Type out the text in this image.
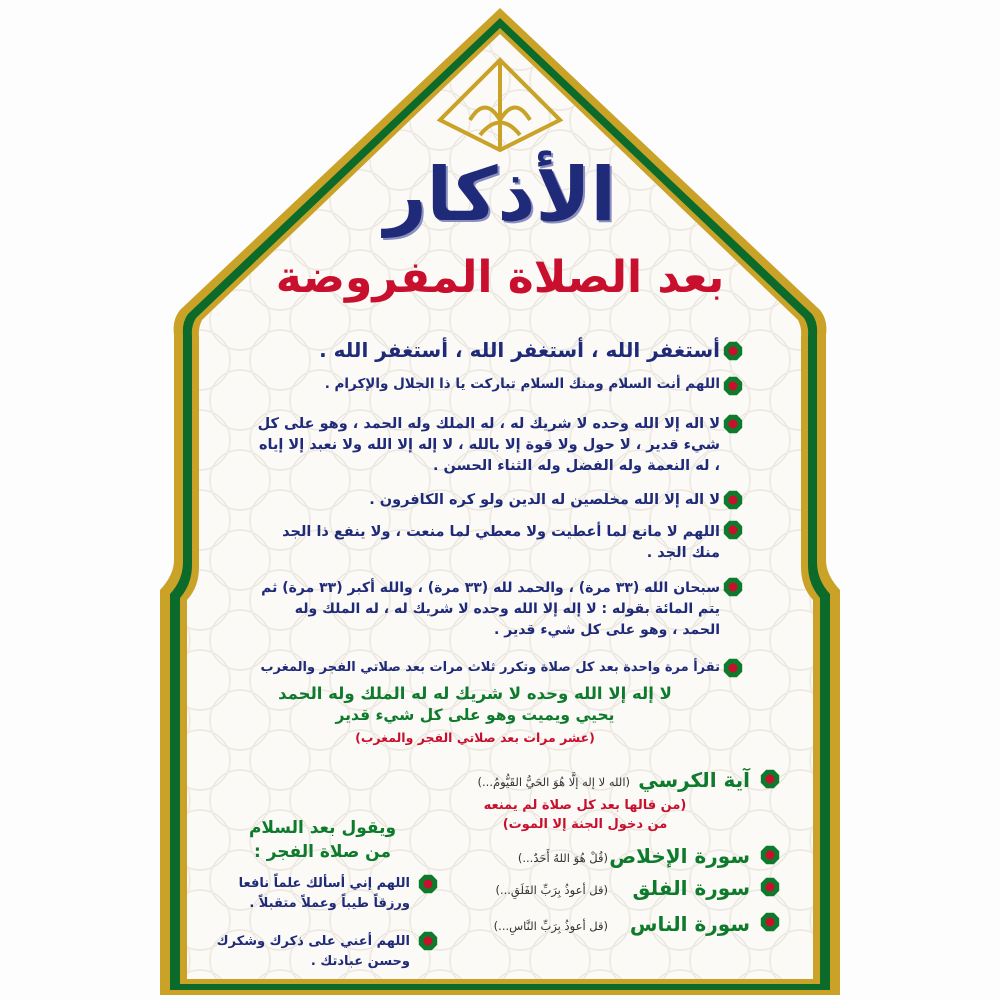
الأذكار
بعد الصلاة المفروضة
أستغفر الله ، أستغفر الله ، أستغفر الله .
اللهم أنت السلام ومنك السلام تباركت يا ذا الجلال والإكرام .
لا اله إلا الله وحده لا شريك له ، له الملك وله الحمد ، وهو على كل شيء قدير ، لا حول ولا قوة إلا بالله ، لا إله إلا الله ولا نعبد إلا إياه ، له النعمة وله الفضل وله الثناء الحسن .
لا اله إلا الله مخلصين له الدين ولو كره الكافرون .
اللهم لا مانع لما أعطيت ولا معطي لما منعت ، ولا ينفع ذا الجد منك الجد .
سبحان الله (٣٣ مرة) ، والحمد لله (٣٣ مرة) ، والله أكبر (٣٣ مرة) ثم يتم المائة بقوله : لا إله إلا الله وحده لا شريك له ، له الملك وله الحمد ، وهو على كل شيء قدير .
تقرأ مرة واحدة بعد كل صلاة وتكرر ثلاث مرات بعد صلاتي الفجر والمغرب
لا إله إلا الله وحده لا شريك له له الملك وله الحمد
يحيي ويميت وهو على كل شيء قدير
(عشر مرات بعد صلاتي الفجر والمغرب)
آية الكرسي
(الله لا إله إلَّا هُوَ الحَيُّ القَيُّومُ...)
(من قالها بعد كل صلاة لم يمنعه
من دخول الجنة إلا الموت)
سورة الإخلاص
(قُلْ هُوَ اللهُ أَحَدٌ...)
سورة الفلق
(قل أعوذُ بِرَبِّ الفَلَقِ...)
سورة الناس
(قل أعوذُ بِرَبِّ النَّاسِ...)
ويقول بعد السلام
من صلاة الفجر :
اللهم إني أسألك علماً نافعا ورزقاً طيباً وعملاً متقبلاً .
اللهم أعني على ذكرك وشكرك وحسن عبادتك .
